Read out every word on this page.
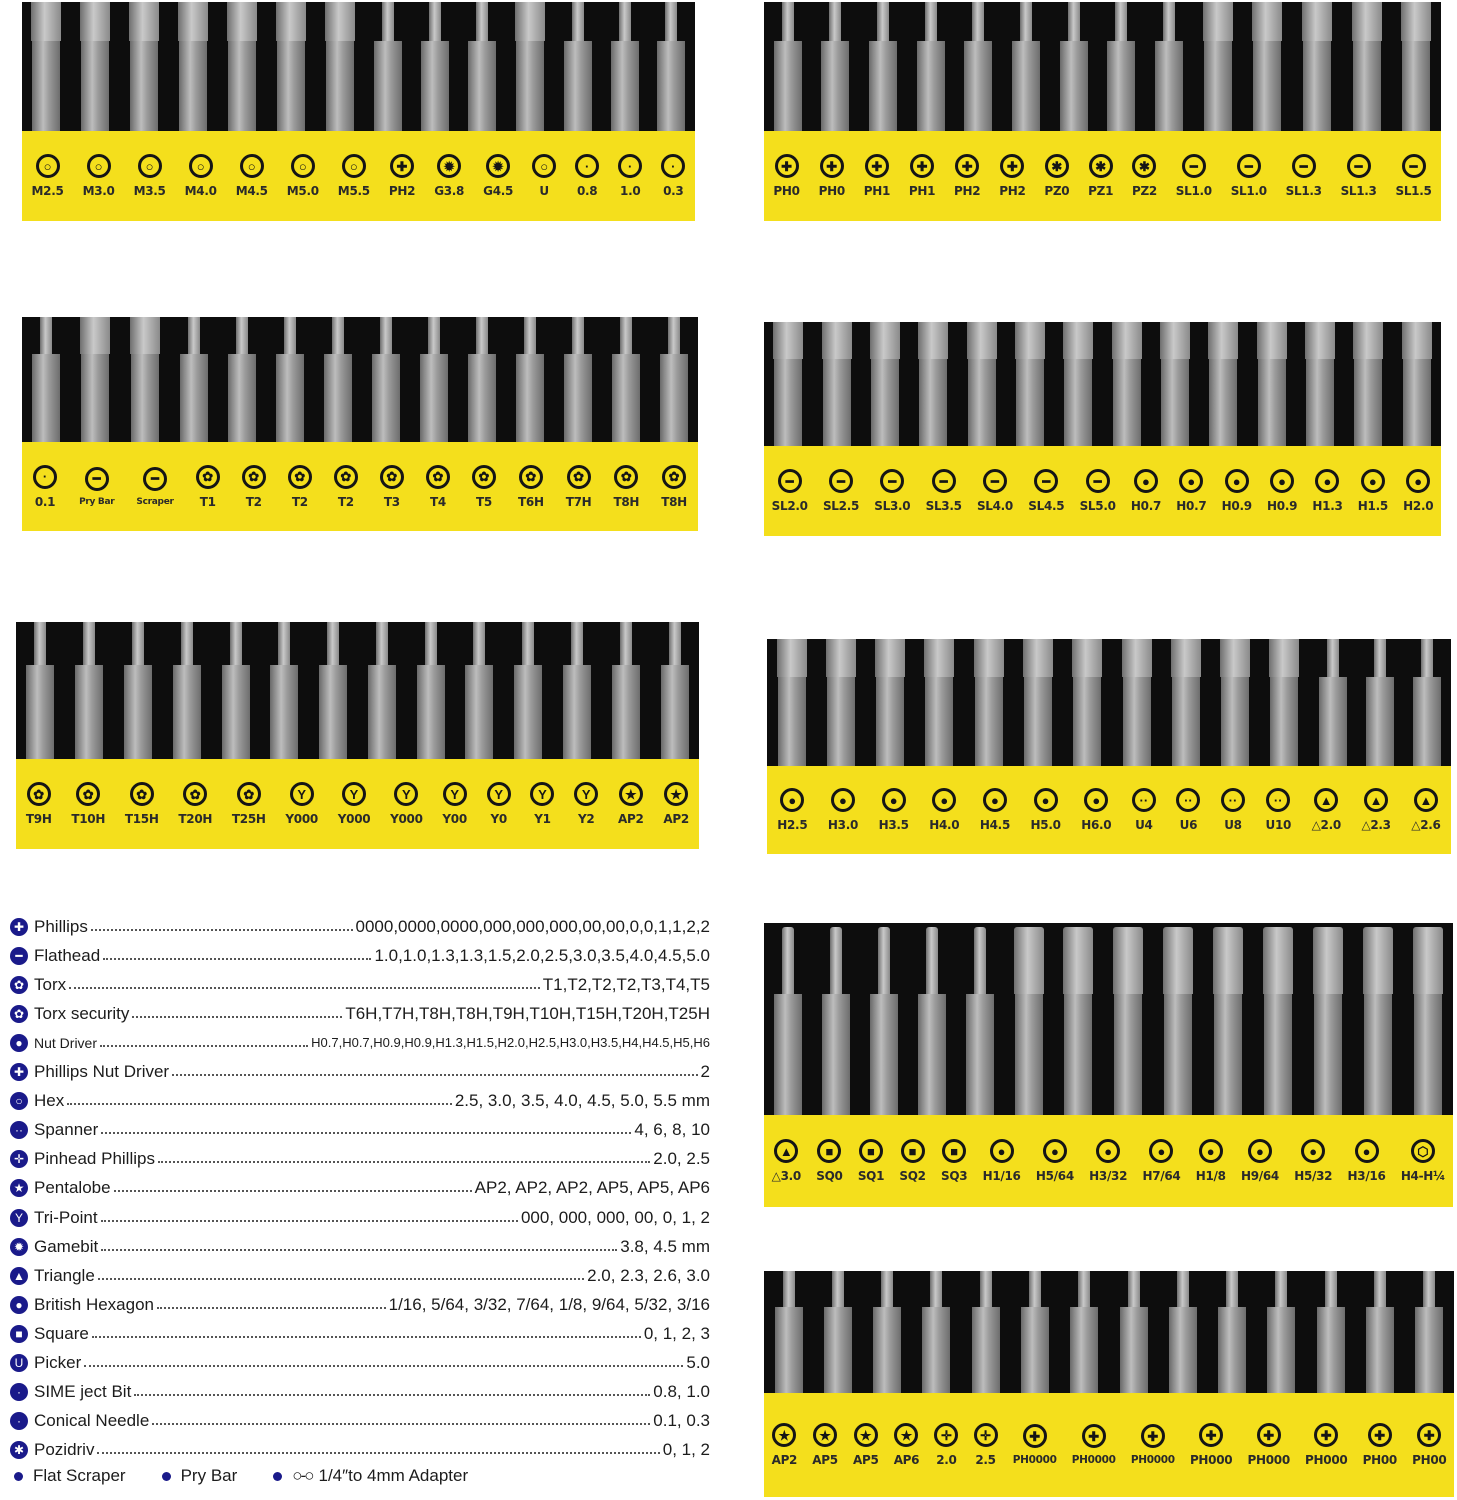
○
M2.5
○
M3.0
○
M3.5
○
M4.0
○
M4.5
○
M5.0
○
M5.5
✚
PH2
✹
G3.8
✹
G4.5
○
U
·
0.8
·
1.0
·
0.3
✚
PH0
✚
PH0
✚
PH1
✚
PH1
✚
PH2
✚
PH2
✱
PZ0
✱
PZ1
✱
PZ2
━
SL1.0
━
SL1.0
━
SL1.3
━
SL1.3
━
SL1.5
·
0.1
━
Pry Bar
━
Scraper
✿
T1
✿
T2
✿
T2
✿
T2
✿
T3
✿
T4
✿
T5
✿
T6H
✿
T7H
✿
T8H
✿
T8H
━
SL2.0
━
SL2.5
━
SL3.0
━
SL3.5
━
SL4.0
━
SL4.5
━
SL5.0
●
H0.7
●
H0.7
●
H0.9
●
H0.9
●
H1.3
●
H1.5
●
H2.0
✿
T9H
✿
T10H
✿
T15H
✿
T20H
✿
T25H
Y
Y000
Y
Y000
Y
Y000
Y
Y00
Y
Y0
Y
Y1
Y
Y2
★
AP2
★
AP2
●
H2.5
●
H3.0
●
H3.5
●
H4.0
●
H4.5
●
H5.0
●
H6.0
··
U4
··
U6
··
U8
··
U10
▲
△2.0
▲
△2.3
▲
△2.6
▲
△3.0
■
SQ0
■
SQ1
■
SQ2
■
SQ3
●
H1/16
●
H5/64
●
H3/32
●
H7/64
●
H1/8
●
H9/64
●
H5/32
●
H3/16
⬡
H4-H¼
★
AP2
★
AP5
★
AP5
★
AP6
✛
2.0
✛
2.5
✚
PH0000
✚
PH0000
✚
PH0000
✚
PH000
✚
PH000
✚
PH000
✚
PH00
✚
PH00
✚ Phillips	0000,0000,0000,000,000,000,00,00,0,0,1,1,2,2
━ Flathead	1.0,1.0,1.3,1.3,1.5,2.0,2.5,3.0,3.5,4.0,4.5,5.0
✿ Torx	T1,T2,T2,T2,T3,T4,T5
✿ Torx security	T6H,T7H,T8H,T8H,T9H,T10H,T15H,T20H,T25H
● Nut Driver	H0.7,H0.7,H0.9,H0.9,H1.3,H1.5,H2.0,H2.5,H3.0,H3.5,H4,H4.5,H5,H6
✚ Phillips Nut Driver	2
○ Hex	2.5, 3.0, 3.5, 4.0, 4.5, 5.0, 5.5 mm
·· Spanner	4, 6, 8, 10
✛ Pinhead Phillips	2.0, 2.5
★ Pentalobe	AP2, AP2, AP2, AP5, AP5, AP6
Y Tri-Point	000, 000, 000, 00, 0, 1, 2
✹ Gamebit	3.8, 4.5 mm
▲ Triangle	2.0, 2.3, 2.6, 3.0
● British Hexagon	1/16, 5/64, 3/32, 7/64, 1/8, 9/64, 5/32, 3/16
■ Square	0, 1, 2, 3
U Picker	5.0
· SIME ject Bit	0.8, 1.0
· Conical Needle	0.1, 0.3
✱ Pozidriv	0, 1, 2
Flat Scraper	Pry Bar	○-○ 1/4″to 4mm Adapter
